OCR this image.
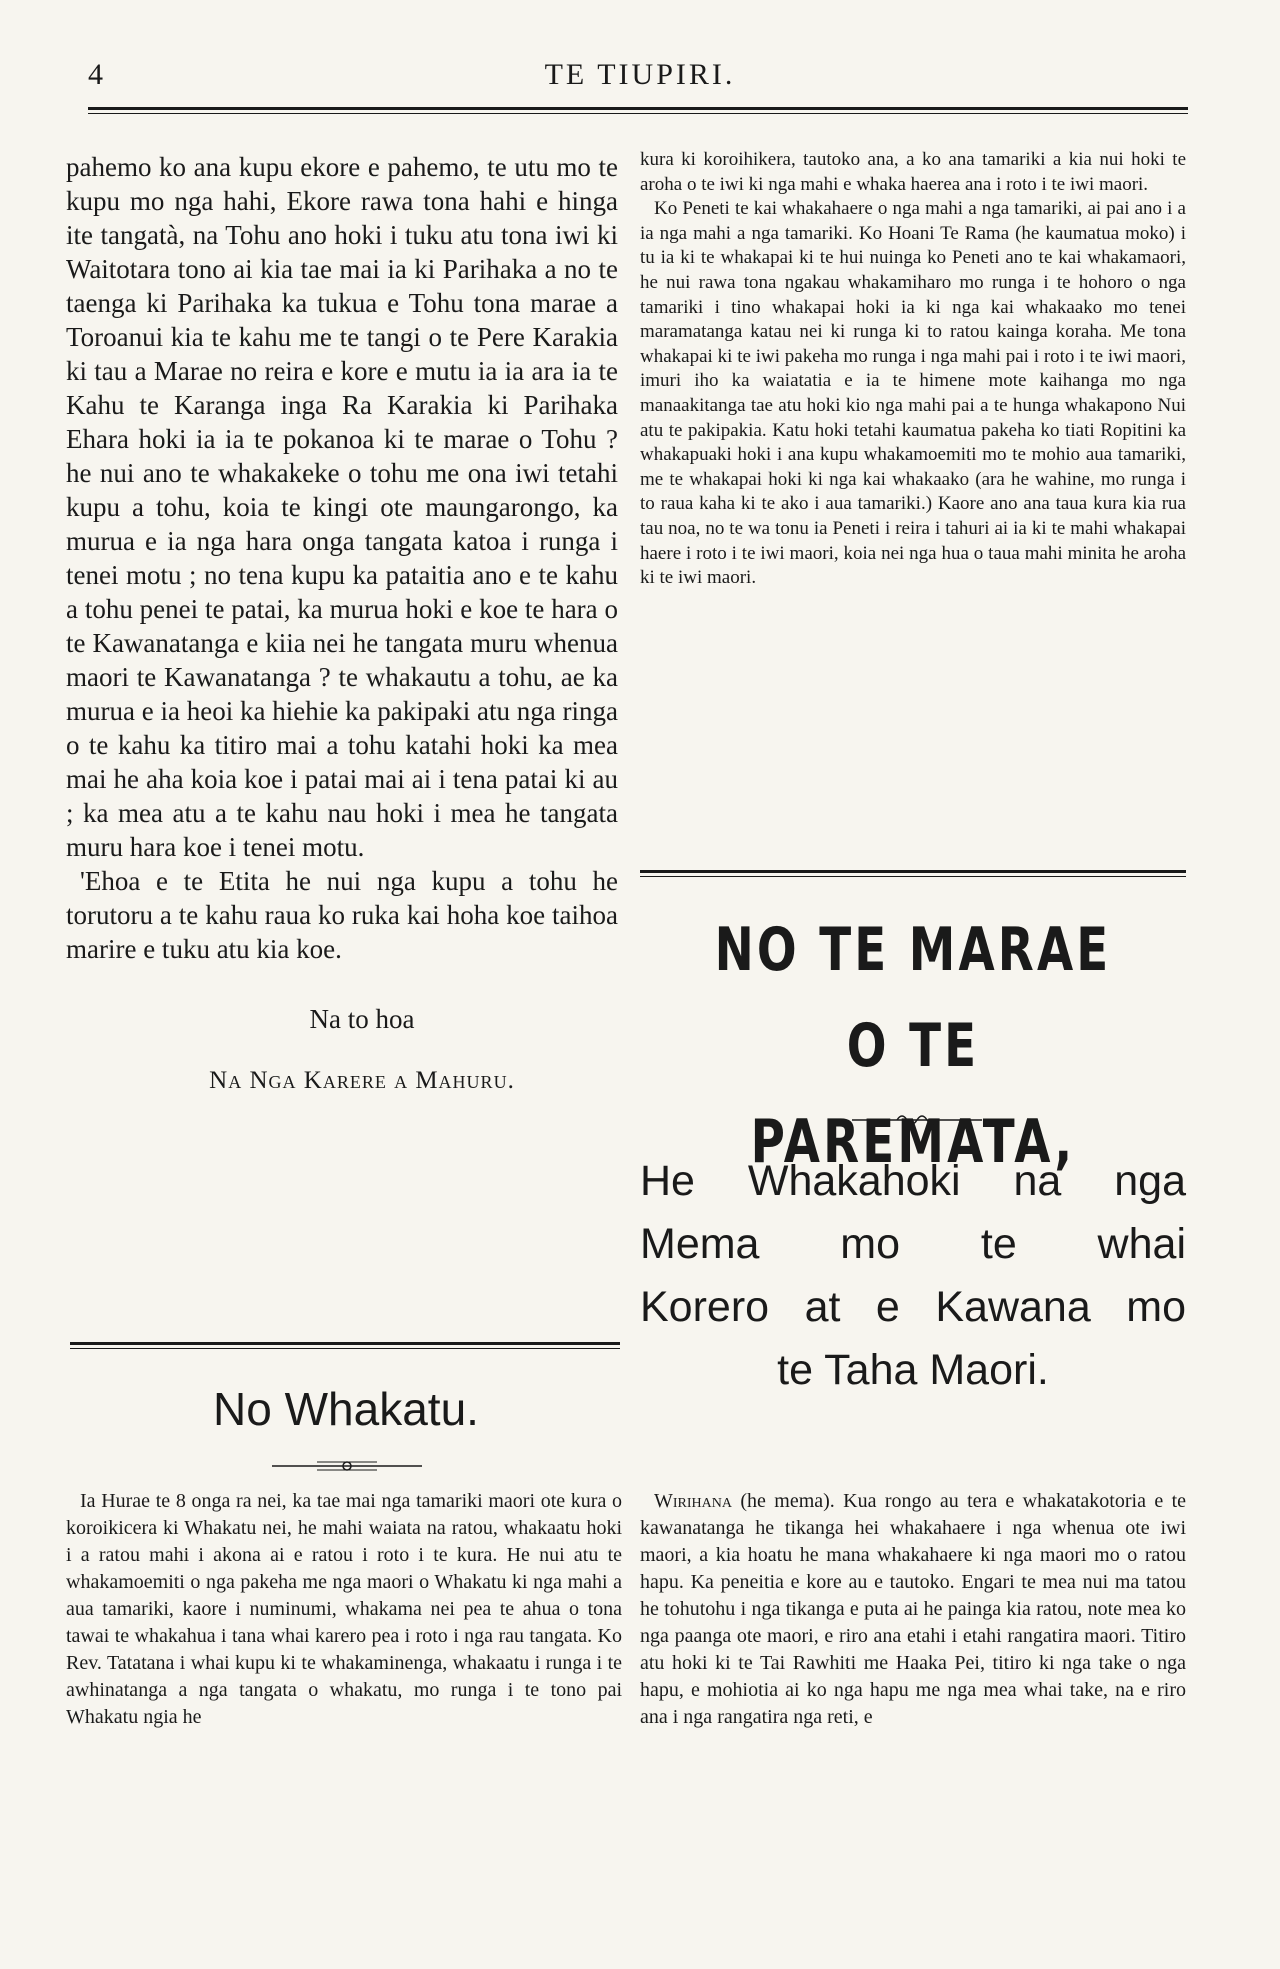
4	TE TIUPIRI.

pahemo ko ana kupu ekore e pahemo, te utu mo te kupu mo nga hahi, Ekore rawa tona hahi e hinga ite tangatà, na Tohu ano hoki i tuku atu tona iwi ki Waitotara tono ai kia tae mai ia ki Parihaka a no te taenga ki Parihaka ka tukua e Tohu tona marae a Toroanui kia te kahu me te tangi o te Pere Karakia ki tau a Marae no reira e kore e mutu ia ia ara ia te Kahu te Karanga inga Ra Karakia ki Parihaka Ehara hoki ia ia te pokanoa ki te marae o Tohu ? he nui ano te whakakeke o tohu me ona iwi tetahi kupu a tohu, koia te kingi ote maungarongo, ka murua e ia nga hara onga tangata katoa i runga i tenei motu ; no tena kupu ka pataitia ano e te kahu a tohu penei te patai, ka murua hoki e koe te hara o te Kawanatanga e kiia nei he tangata muru whenua maori te Kawanatanga ? te whakautu a tohu, ae ka murua e ia heoi ka hiehie ka pakipaki atu nga ringa o te kahu ka titiro mai a tohu katahi hoki ka mea mai he aha koia koe i patai mai ai i tena patai ki au ; ka mea atu a te kahu nau hoki i mea he tangata muru hara koe i tenei motu.

'Ehoa e te Etita he nui nga kupu a tohu he torutoru a te kahu raua ko ruka kai hoha koe taihoa marire e tuku atu kia koe.

Na to hoa

Na Nga Karere a Mahuru.

No Whakatu.
Ia Hurae te 8 onga ra nei, ka tae mai nga tamariki maori ote kura o koroikicera ki Whakatu nei, he mahi waiata na ratou, whakaatu hoki i a ratou mahi i akona ai e ratou i roto i te kura. He nui atu te whakamoemiti o nga pakeha me nga maori o Whakatu ki nga mahi a aua tamariki, kaore i numinumi, whakama nei pea te ahua o tona tawai te whakahua i tana whai karero pea i roto i nga rau tangata. Ko Rev. Tatatana i whai kupu ki te whakaminenga, whakaatu i runga i te awhinatanga a nga tangata o whakatu, mo runga i te tono pai Whakatu ngia he

kura ki koroihikera, tautoko ana, a ko ana tamariki a kia nui hoki te aroha o te iwi ki nga mahi e whaka haerea ana i roto i te iwi maori.

Ko Peneti te kai whakahaere o nga mahi a nga tamariki, ai pai ano i a ia nga mahi a nga tamariki. Ko Hoani Te Rama (he kaumatua moko) i tu ia ki te whakapai ki te hui nuinga ko Peneti ano te kai whakamaori, he nui rawa tona ngakau whakamiharo mo runga i te hohoro o nga tamariki i tino whakapai hoki ia ki nga kai whakaako mo tenei maramatanga katau nei ki runga ki to ratou kainga koraha. Me tona whakapai ki te iwi pakeha mo runga i nga mahi pai i roto i te iwi maori, imuri iho ka waiatatia e ia te himene mote kaihanga mo nga manaakitanga tae atu hoki kio nga mahi pai a te hunga whakapono Nui atu te pakipakia. Katu hoki tetahi kaumatua pakeha ko tiati Ropitini ka whakapuaki hoki i ana kupu whakamoemiti mo te mohio aua tamariki, me te whakapai hoki ki nga kai whakaako (ara he wahine, mo runga i to raua kaha ki te ako i aua tamariki.) Kaore ano ana taua kura kia rua tau noa, no te wa tonu ia Peneti i reira i tahuri ai ia ki te mahi whakapai haere i roto i te iwi maori, koia nei nga hua o taua mahi minita he aroha ki te iwi maori.

NO TE MARAE O TE
PAREMATA,
He Whakahoki na nga
Mema mo te whai
Korero at e Kawana mo
te Taha Maori.
Wirihana (he mema). Kua rongo au tera e whakatakotoria e te kawanatanga he tikanga hei whakahaere i nga whenua ote iwi maori, a kia hoatu he mana whakahaere ki nga maori mo o ratou hapu. Ka peneitia e kore au e tautoko. Engari te mea nui ma tatou he tohutohu i nga tikanga e puta ai he painga kia ratou, note mea ko nga paanga ote maori, e riro ana etahi i etahi rangatira maori. Titiro atu hoki ki te Tai Rawhiti me Haaka Pei, titiro ki nga take o nga hapu, e mohiotia ai ko nga hapu me nga mea whai take, na e riro ana i nga rangatira nga reti, e
